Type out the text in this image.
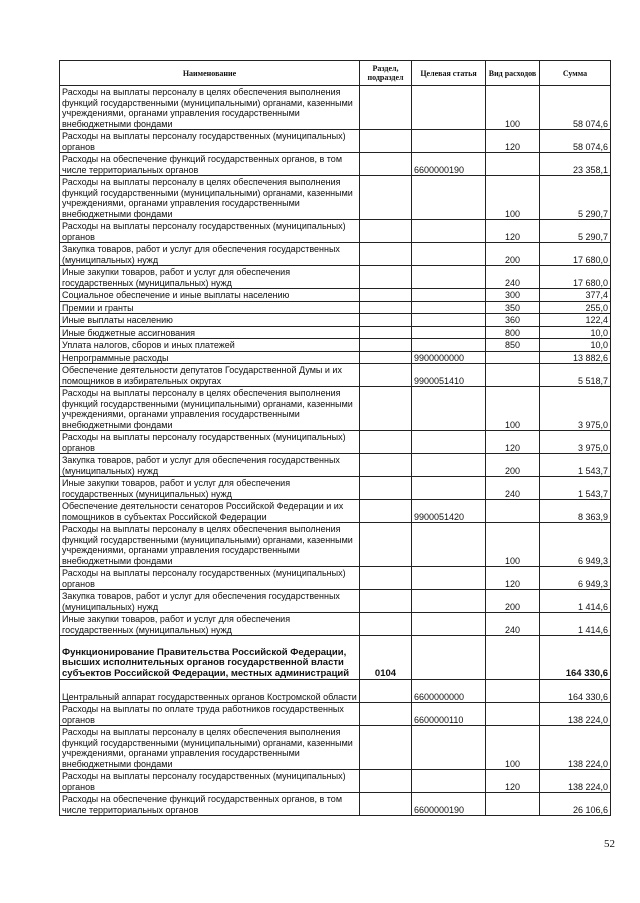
Наименование	Раздел, подраздел	Целевая статья	Вид расходов	Сумма
Расходы на выплаты персоналу в целях обеспечения выполнения функций государственными (муниципальными) органами, казенными учреждениями, органами управления государственными внебюджетными фондами			100	58 074,6
Расходы на выплаты персоналу государственных (муниципальных) органов			120	58 074,6
Расходы на обеспечение функций государственных органов, в том числе территориальных органов		6600000190		23 358,1
Расходы на выплаты персоналу в целях обеспечения выполнения функций государственными (муниципальными) органами, казенными учреждениями, органами управления государственными внебюджетными фондами			100	5 290,7
Расходы на выплаты персоналу государственных (муниципальных) органов			120	5 290,7
Закупка товаров, работ и услуг для обеспечения государственных (муниципальных) нужд			200	17 680,0
Иные закупки товаров, работ и услуг для обеспечения государственных (муниципальных) нужд			240	17 680,0
Социальное обеспечение и иные выплаты населению			300	377,4
Премии и гранты			350	255,0
Иные выплаты населению			360	122,4
Иные бюджетные ассигнования			800	10,0
Уплата налогов, сборов и иных платежей			850	10,0
Непрограммные расходы		9900000000		13 882,6
Обеспечение деятельности депутатов Государственной Думы и их помощников в избирательных округах		9900051410		5 518,7
Расходы на выплаты персоналу в целях обеспечения выполнения функций государственными (муниципальными) органами, казенными учреждениями, органами управления государственными внебюджетными фондами			100	3 975,0
Расходы на выплаты персоналу государственных (муниципальных) органов			120	3 975,0
Закупка товаров, работ и услуг для обеспечения государственных (муниципальных) нужд			200	1 543,7
Иные закупки товаров, работ и услуг для обеспечения государственных (муниципальных) нужд			240	1 543,7
Обеспечение деятельности сенаторов Российской Федерации и их помощников в субъектах Российской Федерации		9900051420		8 363,9
Расходы на выплаты персоналу в целях обеспечения выполнения функций государственными (муниципальными) органами, казенными учреждениями, органами управления государственными внебюджетными фондами			100	6 949,3
Расходы на выплаты персоналу государственных (муниципальных) органов			120	6 949,3
Закупка товаров, работ и услуг для обеспечения государственных (муниципальных) нужд			200	1 414,6
Иные закупки товаров, работ и услуг для обеспечения государственных (муниципальных) нужд			240	1 414,6
Функционирование Правительства Российской Федерации, высших исполнительных органов государственной власти субъектов Российской Федерации, местных администраций	0104			164 330,6
Центральный аппарат государственных органов Костромской области		6600000000		164 330,6
Расходы на выплаты по оплате труда работников государственных органов		6600000110		138 224,0
Расходы на выплаты персоналу в целях обеспечения выполнения функций государственными (муниципальными) органами, казенными учреждениями, органами управления государственными внебюджетными фондами			100	138 224,0
Расходы на выплаты персоналу государственных (муниципальных) органов			120	138 224,0
Расходы на обеспечение функций государственных органов, в том числе территориальных органов		6600000190		26 106,6
52
